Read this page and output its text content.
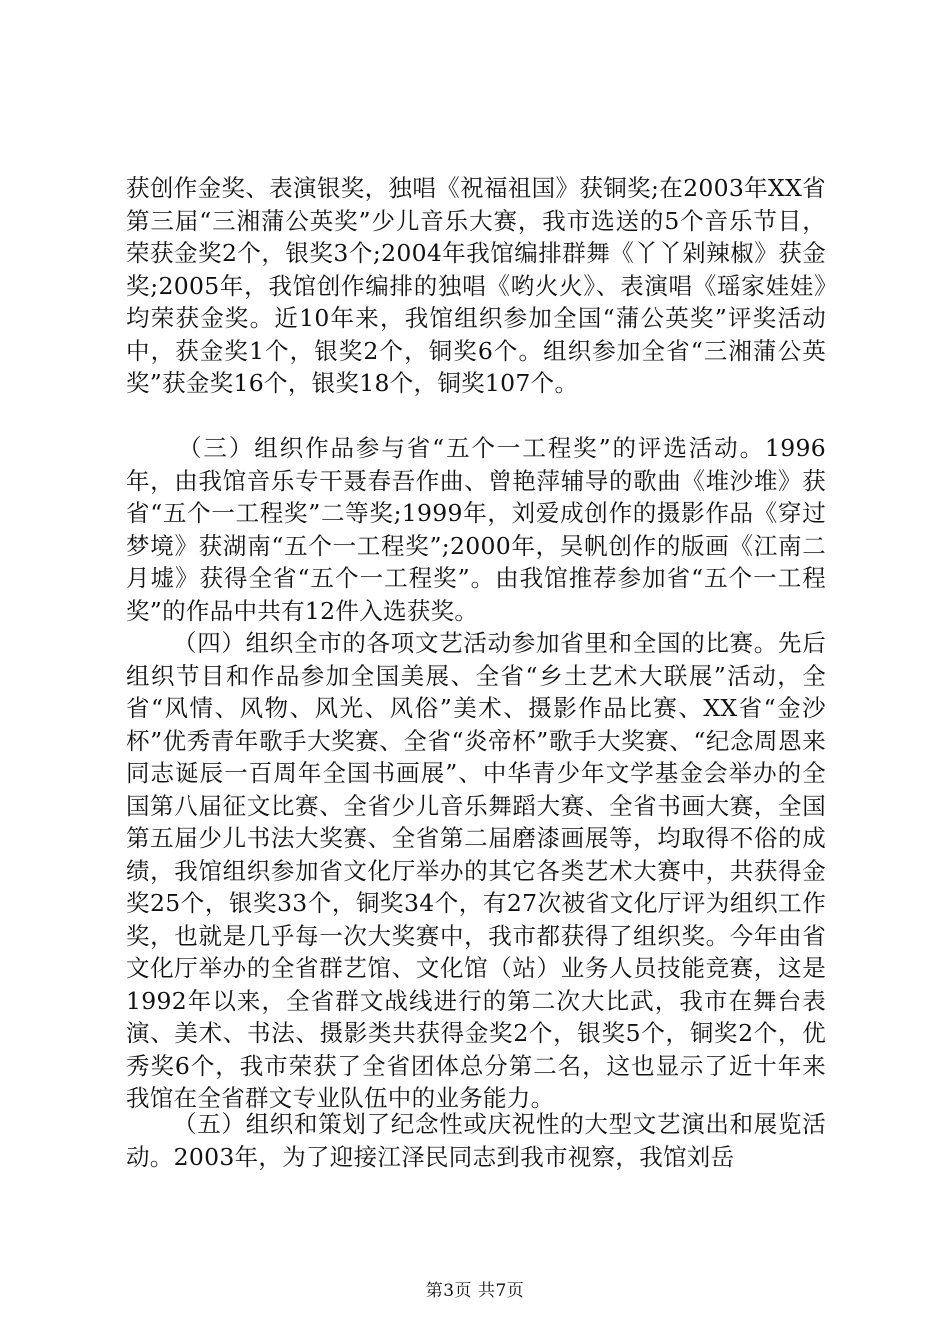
获创作金奖、表演银奖，独唱《祝福祖国》获铜奖;在2003年XX省第三届“三湘蒲公英奖”少儿音乐大赛，我市选送的5个音乐节目，荣获金奖2个，银奖3个;2004年我馆编排群舞《丫丫剁辣椒》获金奖;2005年，我馆创作编排的独唱《哟火火》、表演唱《瑶家娃娃》均荣获金奖。近10年来，我馆组织参加全国“蒲公英奖”评奖活动中，获金奖1个，银奖2个，铜奖6个。组织参加全省“三湘蒲公英奖”获金奖16个，银奖18个，铜奖107个。

（三）组织作品参与省“五个一工程奖”的评选活动。1996年，由我馆音乐专干聂春吾作曲、曾艳萍辅导的歌曲《堆沙堆》获省“五个一工程奖”二等奖;1999年，刘爱成创作的摄影作品《穿过梦境》获湖南“五个一工程奖”;2000年，吴帆创作的版画《江南二月墟》获得全省“五个一工程奖”。由我馆推荐参加省“五个一工程奖”的作品中共有12件入选获奖。

（四）组织全市的各项文艺活动参加省里和全国的比赛。先后组织节目和作品参加全国美展、全省“乡土艺术大联展”活动，全省“风情、风物、风光、风俗”美术、摄影作品比赛、XX省“金沙杯”优秀青年歌手大奖赛、全省“炎帝杯”歌手大奖赛、“纪念周恩来同志诞辰一百周年全国书画展”、中华青少年文学基金会举办的全国第八届征文比赛、全省少儿音乐舞蹈大赛、全省书画大赛，全国第五届少儿书法大奖赛、全省第二届磨漆画展等，均取得不俗的成绩，我馆组织参加省文化厅举办的其它各类艺术大赛中，共获得金奖25个，银奖33个，铜奖34个，有27次被省文化厅评为组织工作奖，也就是几乎每一次大奖赛中，我市都获得了组织奖。今年由省文化厅举办的全省群艺馆、文化馆（站）业务人员技能竞赛，这是1992年以来，全省群文战线进行的第二次大比武，我市在舞台表演、美术、书法、摄影类共获得金奖2个，银奖5个，铜奖2个，优秀奖6个，我市荣获了全省团体总分第二名，这也显示了近十年来我馆在全省群文专业队伍中的业务能力。

（五）组织和策划了纪念性或庆祝性的大型文艺演出和展览活动。2003年，为了迎接江泽民同志到我市视察，我馆刘岳

第3页 共7页
